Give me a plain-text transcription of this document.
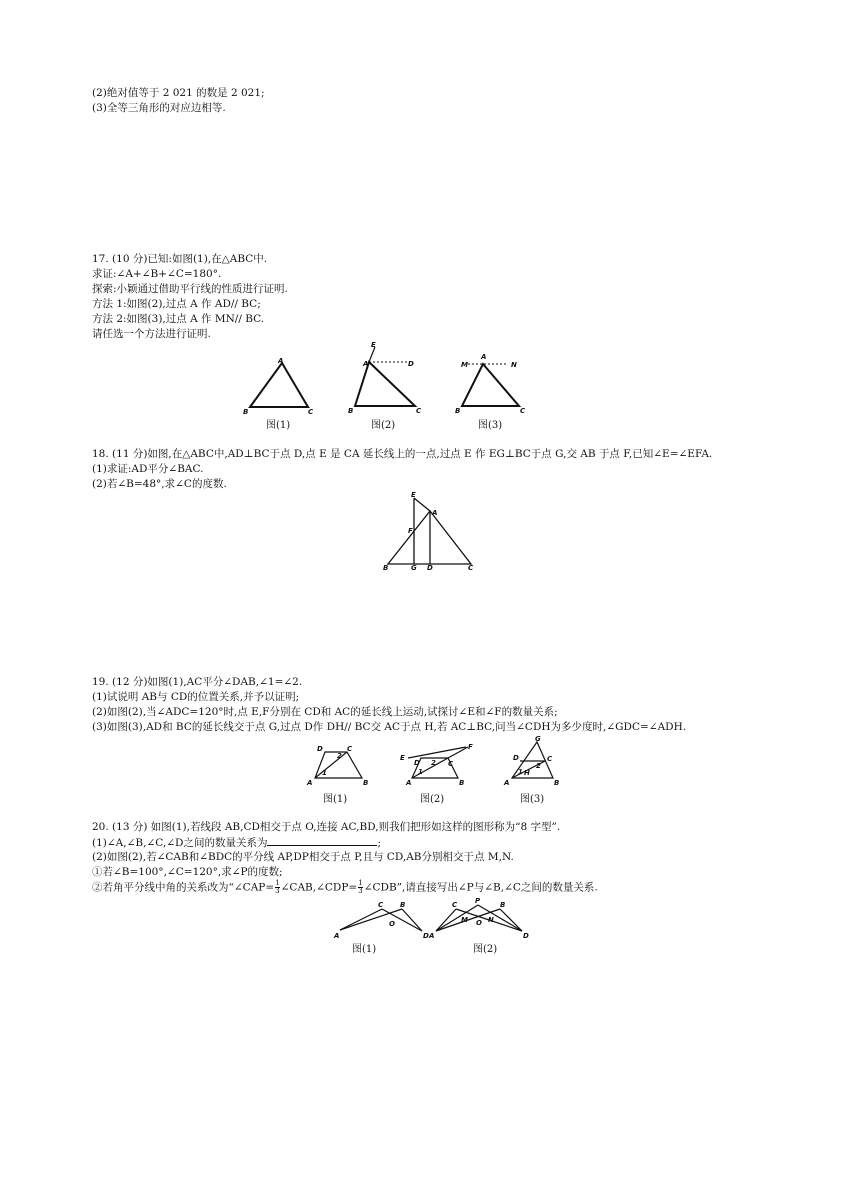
(2)绝对值等于 2 021 的数是 2 021;
(3)全等三角形的对应边相等.
17. (10 分)已知:如图(1),在△ABC中.
求证:∠A+∠B+∠C=180°.
探索:小颖通过借助平行线的性质进行证明.
方法 1:如图(2),过点 A 作 AD// BC;
方法 2:如图(3),过点 A 作 MN// BC.
请任选一个方法进行证明.
A
B	C
图(1)
E
A	D
B	C
图(2)
M
A
N
B	C
图(3)
18. (11 分)如图,在△ABC中,AD⊥BC于点 D,点 E 是 CA 延长线上的一点,过点 E 作 EG⊥BC于点 G,交 AB 于点 F,已知∠E=∠EFA.
(1)求证:AD平分∠BAC.
(2)若∠B=48°,求∠C的度数.
E
A
F
B	G D	C
19. (12 分)如图(1),AC平分∠DAB,∠1=∠2.
(1)试说明 AB与 CD的位置关系,并予以证明;
(2)如图(2),当∠ADC=120°时,点 E,F分别在 CD和 AC的延长线上运动,试探讨∠E和∠F的数量关系;
(3)如图(3),AD和 BC的延长线交于点 G,过点 D作 DH// BC交 AC于点 H,若 AC⊥BC,问当∠CDH为多少度时,∠GDC=∠ADH.
D	C
2
1
A	B
图(1)
E
F
D	C
2
1
A	B
图(2)
G
D	C
2
1 H
A	B
图(3)
20. (13 分) 如图(1),若线段 AB,CD相交于点 O,连接 AC,BD,则我们把形如这样的图形称为“8 字型”.
(1)∠A,∠B,∠C,∠D之间的数量关系为	;
(2)如图(2),若∠CAB和∠BDC的平分线 AP,DP相交于点 P,且与 CD,AB分别相交于点 M,N.
①若∠B=100°,∠C=120°,求∠P的度数;
②若角平分线中角的关系改为“∠CAP= $\frac{1}{3}$ ∠CAB,∠CDP= $\frac{1}{3}$ ∠CDB”,请直接写出∠P与∠B,∠C之间的数量关系.
C B
O
A	D
图(1)
C	P	B
M O N
A	D
图(2)
